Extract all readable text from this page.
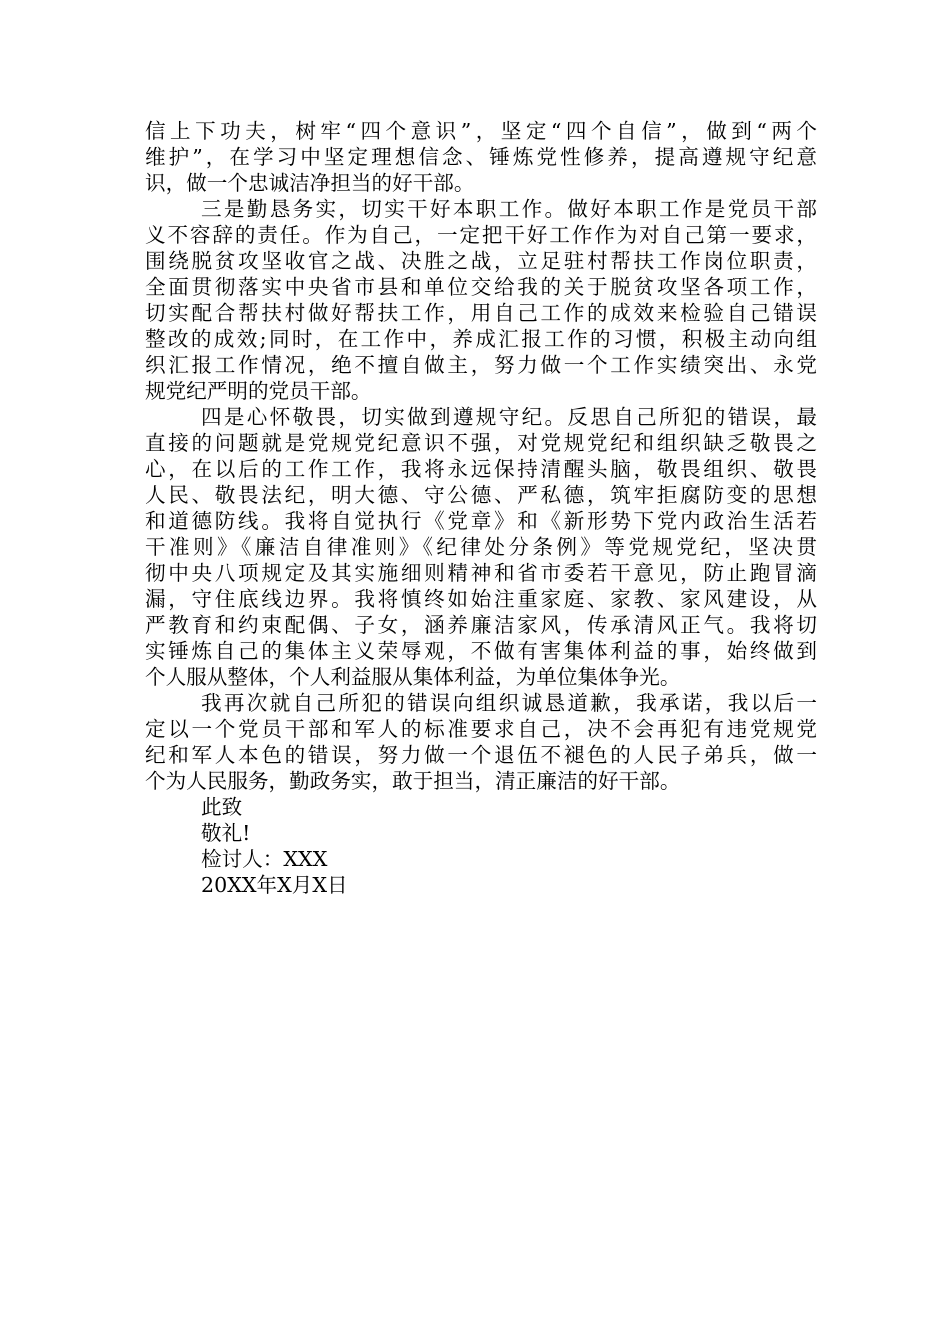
信上下功夫，树牢“四个意识”，坚定“四个自信”，做到“两个
维护”，在学习中坚定理想信念、锤炼党性修养，提高遵规守纪意
识，做一个忠诚洁净担当的好干部。
三是勤恳务实，切实干好本职工作。做好本职工作是党员干部
义不容辞的责任。作为自己，一定把干好工作作为对自己第一要求，
围绕脱贫攻坚收官之战、决胜之战，立足驻村帮扶工作岗位职责，
全面贯彻落实中央省市县和单位交给我的关于脱贫攻坚各项工作，
切实配合帮扶村做好帮扶工作，用自己工作的成效来检验自己错误
整改的成效;同时，在工作中，养成汇报工作的习惯，积极主动向组
织汇报工作情况，绝不擅自做主，努力做一个工作实绩突出、永党
规党纪严明的党员干部。
四是心怀敬畏，切实做到遵规守纪。反思自己所犯的错误，最
直接的问题就是党规党纪意识不强，对党规党纪和组织缺乏敬畏之
心，在以后的工作工作，我将永远保持清醒头脑，敬畏组织、敬畏
人民、敬畏法纪，明大德、守公德、严私德，筑牢拒腐防变的思想
和道德防线。我将自觉执行《党章》和《新形势下党内政治生活若
干准则》《廉洁自律准则》《纪律处分条例》等党规党纪，坚决贯
彻中央八项规定及其实施细则精神和省市委若干意见，防止跑冒滴
漏，守住底线边界。我将慎终如始注重家庭、家教、家风建设，从
严教育和约束配偶、子女，涵养廉洁家风，传承清风正气。我将切
实锤炼自己的集体主义荣辱观，不做有害集体利益的事，始终做到
个人服从整体，个人利益服从集体利益，为单位集体争光。
我再次就自己所犯的错误向组织诚恳道歉，我承诺，我以后一
定以一个党员干部和军人的标准要求自己，决不会再犯有违党规党
纪和军人本色的错误，努力做一个退伍不褪色的人民子弟兵，做一
个为人民服务，勤政务实，敢于担当，清正廉洁的好干部。
此致
敬礼!
检讨人：XXX
20XX年X月X日
